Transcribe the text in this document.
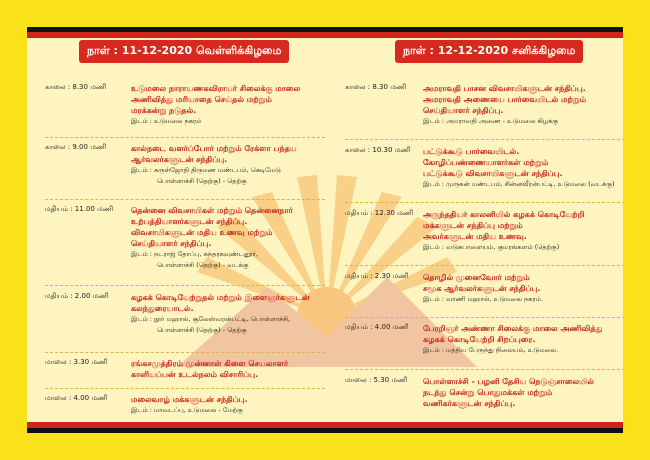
நாள் : 11-12-2020 வெள்ளிக்கிழமை
காலை : 8.30 மணி	உடுமலை நாராயணகவிராயர் சிலைக்கு மாலை
அணிவித்து மரியாதை செய்தல் மற்றும்
மரக்கன்று நடுதல்.
இடம் : உடுமலை நகரம்
காலை : 9.00 மணி	கால்நடை வளர்ப்போர் மற்றும் ரேக்ளா பந்தய
ஆர்வலர்களுடன் சந்திப்பு.
இடம் : சுருள்ஜோதி திருமண மண்டபம், கெடிமேடு
பொள்ளாச்சி (தெற்கு) - தெற்கு
மதியம் : 11.00 மணி	தென்னை விவசாயிகள் மற்றும் தென்னைநார்
உற்பத்தியாளர்களுடன் சந்திப்பு.
விவசாயிகளுடன் மதிய உணவு மற்றும்
செய்தியாளர் சந்திப்பு.
இடம் : நடராஜ் தோப்பு, சுந்தரகவுண்டனூர்,
பொள்ளாச்சி (தெற்கு) - வடக்கு
மதியம் : 2.00 மணி	கழகக் கொடியேற்றுதல் மற்றும் இளைஞர்களுடன்
கலந்துரையாடல்.
இடம் : நூர் மஹால், சூலேஸ்வரன்பட்டி, பொள்ளாச்சி,
பொள்ளாச்சி (தெற்கு) - தெற்கு
மாலை : 3.30 மணி	ரங்கசமுத்திரம் முன்னாள் கிளை செயலாளர்
காளியப்பன் உடல்நலம் விசாரிப்பு.
மாலை : 4.00 மணி	மலைவாழ் மக்களுடன் சந்திப்பு.
இடம் : மாவடப்பு, உடுமலை - மேற்கு
நாள் : 12-12-2020 சனிக்கிழமை
காலை : 8.30 மணி	அமராவதி பாசன விவசாயிகளுடன் சந்திப்பு.
அமராவதி அணையை பார்வையிடல் மற்றும்
செய்தியாளர் சந்திப்பு.
இடம் : அமராவதி அணை - உடுமலை கிழக்கு
காலை : 10.30 மணி	பட்டுக்கூடு பார்வையிடல்.
கோழிப்பண்ணையாளர்கள் மற்றும்
பட்டுக்கூடு விவசாயிகளுடன் சந்திப்பு.
இடம் : முருகன் மண்டபம், சின்னவீரன்பட்டி, உடுமலை (வடக்கு)
மதியம் : 12.30 மணி	அருந்ததியர் காலனியில் கழகக் கொடியேற்றி
மக்களுடன் சந்திப்பு மற்றும்
அவர்களுடன் மதிய உணவு.
இடம் : வடுகபாளையம், குமரங்களம் (தெற்கு)
மதியம் : 2.30 மணி	தொழில் முனைவோர் மற்றும்
சமூக ஆர்வலர்களுடன் சந்திப்பு.
இடம் : வாணி மஹால், உடுமலை நகரம்.
மதியம் : 4.00 மணி	பேரறிஞர் அண்ணா சிலைக்கு மாலை அணிவித்து
கழகக் கொடியேற்றி சிறப்புரை.
இடம் : மத்திய பேருந்து நிலையம், உடுமலை.
மாலை : 5.30 மணி	பொள்ளாச்சி - பழனி தேசிய நெடுஞ்சாலையில்
நடந்து சென்று பொதுமக்கள் மற்றும்
வணிகர்களுடன் சந்திப்பு.
